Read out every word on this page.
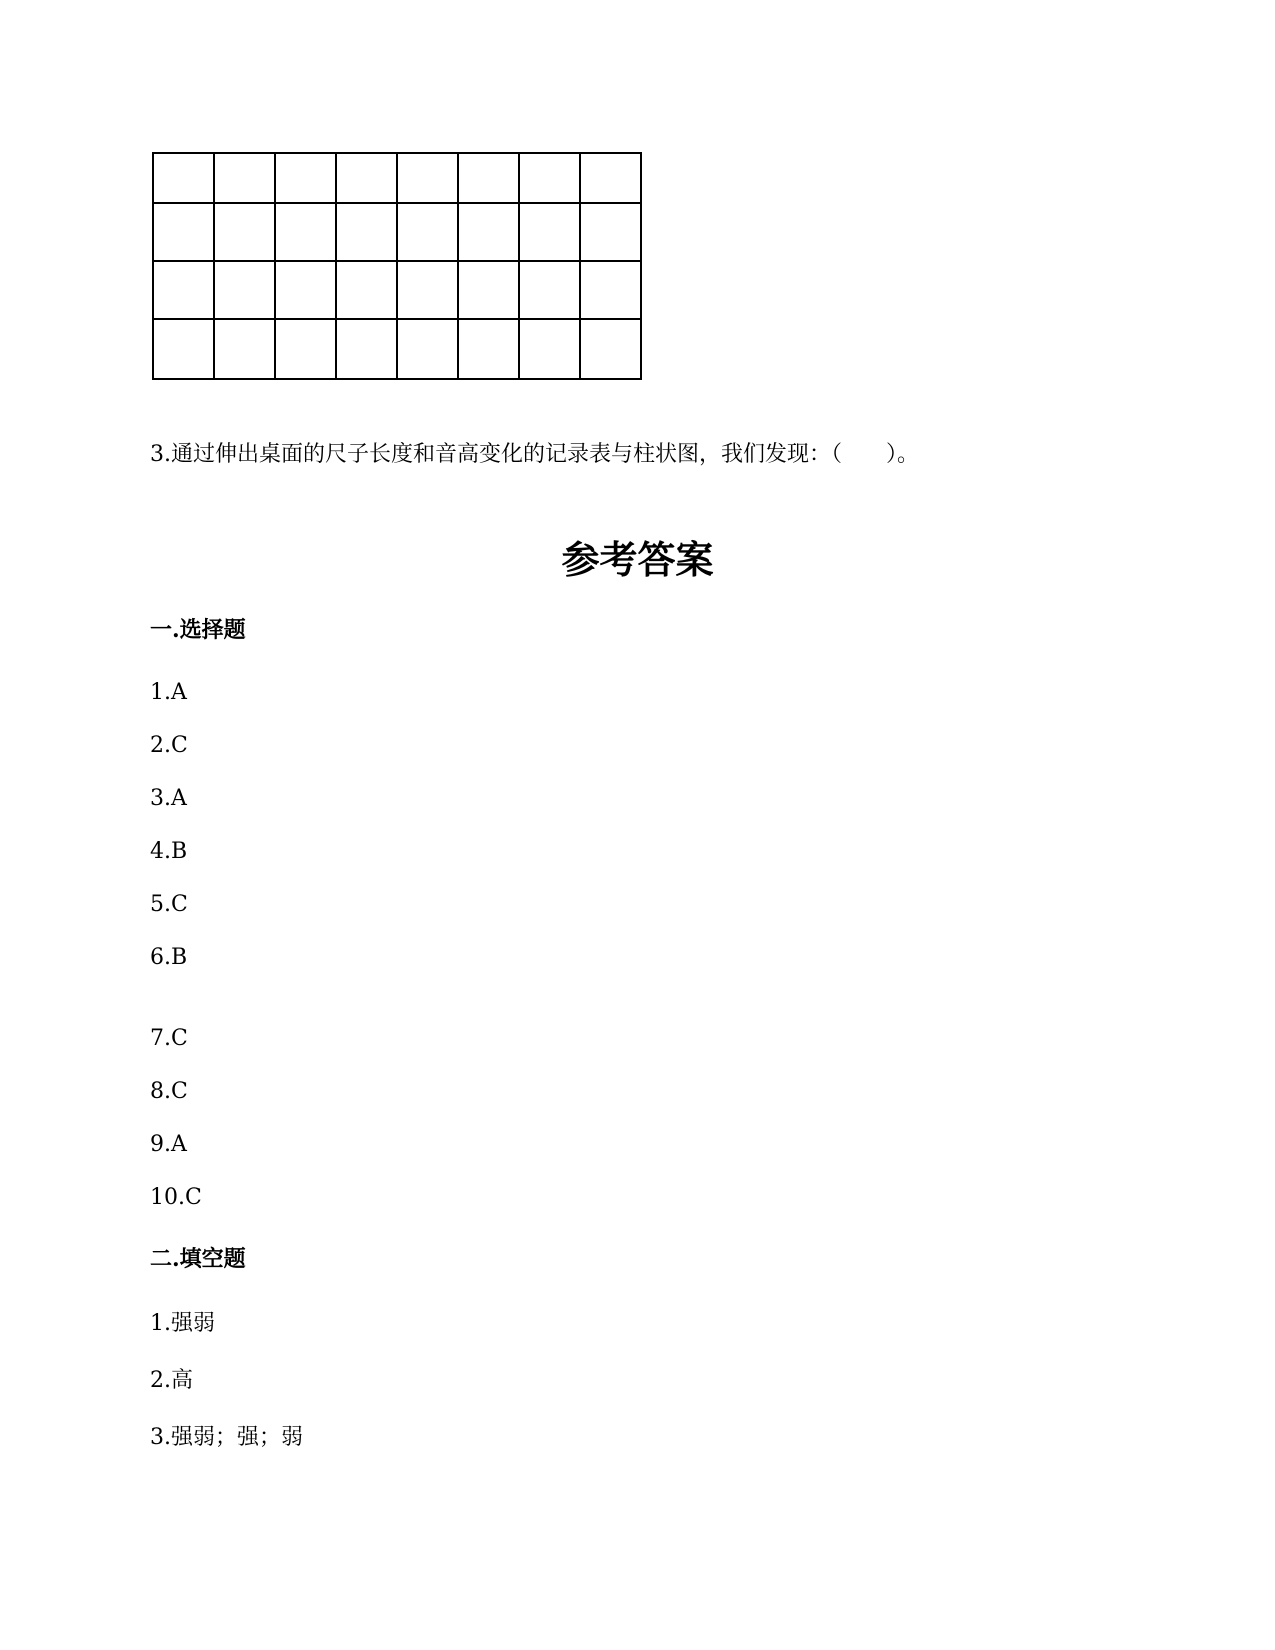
3.通过伸出桌面的尺子长度和音高变化的记录表与柱状图，我们发现：（　　）。
参考答案
一.选择题
1.A
2.C
3.A
4.B
5.C
6.B
7.C
8.C
9.A
10.C
二.填空题
1.强弱
2.高
3.强弱；强；弱
